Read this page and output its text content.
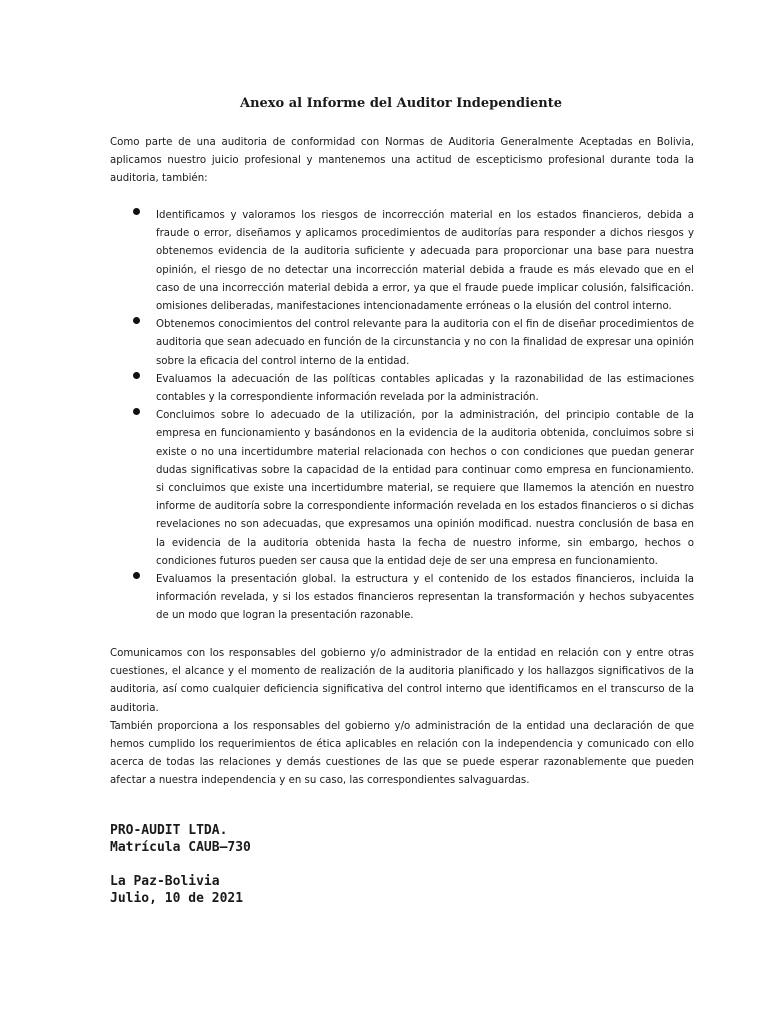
Anexo al Informe del Auditor Independiente
Como parte de una auditoria de conformidad con Normas de Auditoria Generalmente Aceptadas en Bolivia, aplicamos nuestro juicio profesional y mantenemos una actitud de escepticismo profesional durante toda la auditoria, también:
Identificamos y valoramos los riesgos de incorrección material en los estados financieros, debida a fraude o error, diseñamos y aplicamos procedimientos de auditorías para responder a dichos riesgos y obtenemos evidencia de la auditoria suficiente y adecuada para proporcionar una base para nuestra opinión, el riesgo de no detectar una incorrección material debida a fraude es más elevado que en el caso de una incorrección material debida a error, ya que el fraude puede implicar colusión, falsificación. omisiones deliberadas, manifestaciones intencionadamente erróneas o la elusión del control interno.
Obtenemos conocimientos del control relevante para la auditoria con el fin de diseñar procedimientos de auditoria que sean adecuado en función de la circunstancia y no con la finalidad de expresar una opinión sobre la eficacia del control interno de la entidad.
Evaluamos la adecuación de las políticas contables aplicadas y la razonabilidad de las estimaciones contables y la correspondiente información revelada por la administración.
Concluimos sobre lo adecuado de la utilización, por la administración, del principio contable de la empresa en funcionamiento y basándonos en la evidencia de la auditoria obtenida, concluimos sobre si existe o no una incertidumbre material relacionada con hechos o con condiciones que puedan generar dudas significativas sobre la capacidad de la entidad para continuar como empresa en funcionamiento. si concluimos que existe una incertidumbre material, se requiere que llamemos la atención en nuestro informe de auditoría sobre la correspondiente información revelada en los estados financieros o si dichas revelaciones no son adecuadas, que expresamos una opinión modificad. nuestra conclusión de basa en la evidencia de la auditoria obtenida hasta la fecha de nuestro informe, sin embargo, hechos o condiciones futuros pueden ser causa que la entidad deje de ser una empresa en funcionamiento.
Evaluamos la presentación global. la estructura y el contenido de los estados financieros, incluida la información revelada, y si los estados financieros representan la transformación y hechos subyacentes de un modo que logran la presentación razonable.

Comunicamos con los responsables del gobierno y/o administrador de la entidad en relación con y entre otras cuestiones, el alcance y el momento de realización de la auditoria planificado y los hallazgos significativos de la auditoria, así como cualquier deficiencia significativa del control interno que identificamos en el transcurso de la auditoria.

También proporciona a los responsables del gobierno y/o administración de la entidad una declaración de que hemos cumplido los requerimientos de ética aplicables en relación con la independencia y comunicado con ello acerca de todas las relaciones y demás cuestiones de las que se puede esperar razonablemente que pueden afectar a nuestra independencia y en su caso, las correspondientes salvaguardas.

PRO-AUDIT LTDA.
Matrícula CAUB–730
La Paz-Bolivia
Julio, 10 de 2021
